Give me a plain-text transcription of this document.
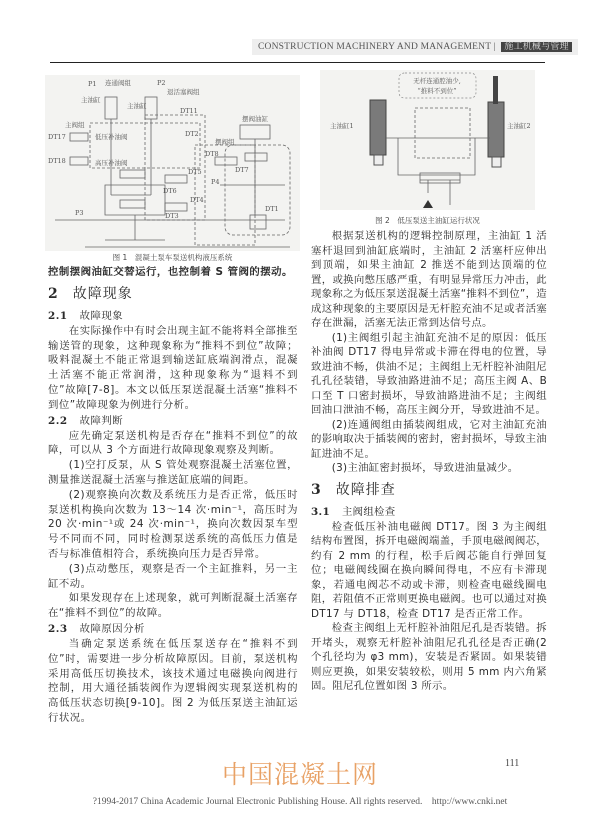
CONSTRUCTION MACHINERY AND MANAGEMENT | 施工机械与管理
P1 连通阀组	P2
退活塞阀组
主油缸
主油缸
DT11
主阀组
DT17	低压补油阀	DT2
DT18	高压补油阀
摆阀组
摆阀油缸
DT8
DT7
DT5
DT6
P4
DT4
DT3
P3	DT1
图 1　混凝土泵车泵送机构液压系统
无杆连通腔油少,
“推料不到位”
主油缸1	主油缸2
图 2　低压泵送主油缸运行状况

控制摆阀油缸交替运行，也控制着 S 管阀的摆动。

2 故障现象
2.1 故障现象

在实际操作中有时会出现主缸不能将料全部推至输送管的现象，这种现象称为“推料不到位”故障；吸料混凝土不能正常退到输送缸底端润滑点，混凝土活塞不能正常润滑，这种现象称为“退料不到位”故障[7-8]。本文以低压泵送混凝土活塞“推料不到位”故障现象为例进行分析。

2.2 故障判断

应先确定泵送机构是否存在“推料不到位”的故障，可以从 3 个方面进行故障现象观察及判断。

(1)空打反泵，从 S 管处观察混凝土活塞位置，测量推送混凝土活塞与推送缸底端的间距。

(2)观察换向次数及系统压力是否正常，低压时泵送机构换向次数为 13～14 次·min⁻¹，高压时为 20 次·min⁻¹或 24 次·min⁻¹，换向次数因泵车型号不同而不同，同时检测泵送系统的高低压力值是否与标准值相符合，系统换向压力是否异常。

(3)点动憋压，观察是否一个主缸推料，另一主缸不动。

如果发现存在上述现象，就可判断混凝土活塞存在“推料不到位”的故障。

2.3 故障原因分析

当确定泵送系统在低压泵送存在“推料不到位”时，需要进一步分析故障原因。目前，泵送机构采用高低压切换技术，该技术通过电磁换向阀进行控制，用大通径插装阀作为逻辑阀实现泵送机构的高低压状态切换[9-10]。图 2 为低压泵送主油缸运行状况。

根据泵送机构的逻辑控制原理，主油缸 1 活塞杆退回到油缸底端时，主油缸 2 活塞杆应伸出到顶端，如果主油缸 2 推送不能到达顶端的位置，或换向憋压感严重，有明显异常压力冲击，此现象称之为低压泵送混凝土活塞“推料不到位”，造成这种现象的主要原因是无杆腔充油不足或者活塞存在泄漏，活塞无法正常到达信号点。

(1)主阀组引起主油缸充油不足的原因：低压补油阀 DT17 得电异常或卡滞在得电的位置，导致进油不畅，供油不足；主阀组上无杆腔补油阻尼孔孔径装错，导致油路进油不足；高压主阀 A、B 口至 T 口密封损坏，导致油路进油不足；主阀组回油口泄油不畅，高压主阀分开，导致进油不足。

(2)连通阀组由插装阀组成，它对主油缸充油的影响取决于插装阀的密封，密封损坏，导致主油缸进油不足。

(3)主油缸密封损坏，导致进油量减少。

3 故障排查
3.1 主阀组检查

检查低压补油电磁阀 DT17。图 3 为主阀组结构布置图，拆开电磁阀端盖，手顶电磁阀阀芯，约有 2 mm 的行程，松手后阀芯能自行弹回复位；电磁阀线圈在换向瞬间得电，不应有卡滞现象，若通电阀芯不动或卡滞，则检查电磁线圈电阻，若阻值不正常则更换电磁阀。也可以通过对换 DT17 与 DT18，检查 DT17 是否正常工作。

检查主阀组上无杆腔补油阻尼孔是否装错。拆开堵头，观察无杆腔补油阻尼孔孔径是否正确(2 个孔径均为 φ3 mm)，安装是否紧固。如果装错则应更换，如果安装较松，则用 5 mm 内六角紧固。阻尼孔位置如图 3 所示。

中国混凝土网	111
?1994-2017 China Academic Journal Electronic Publishing House. All rights reserved.    http://www.cnki.net
